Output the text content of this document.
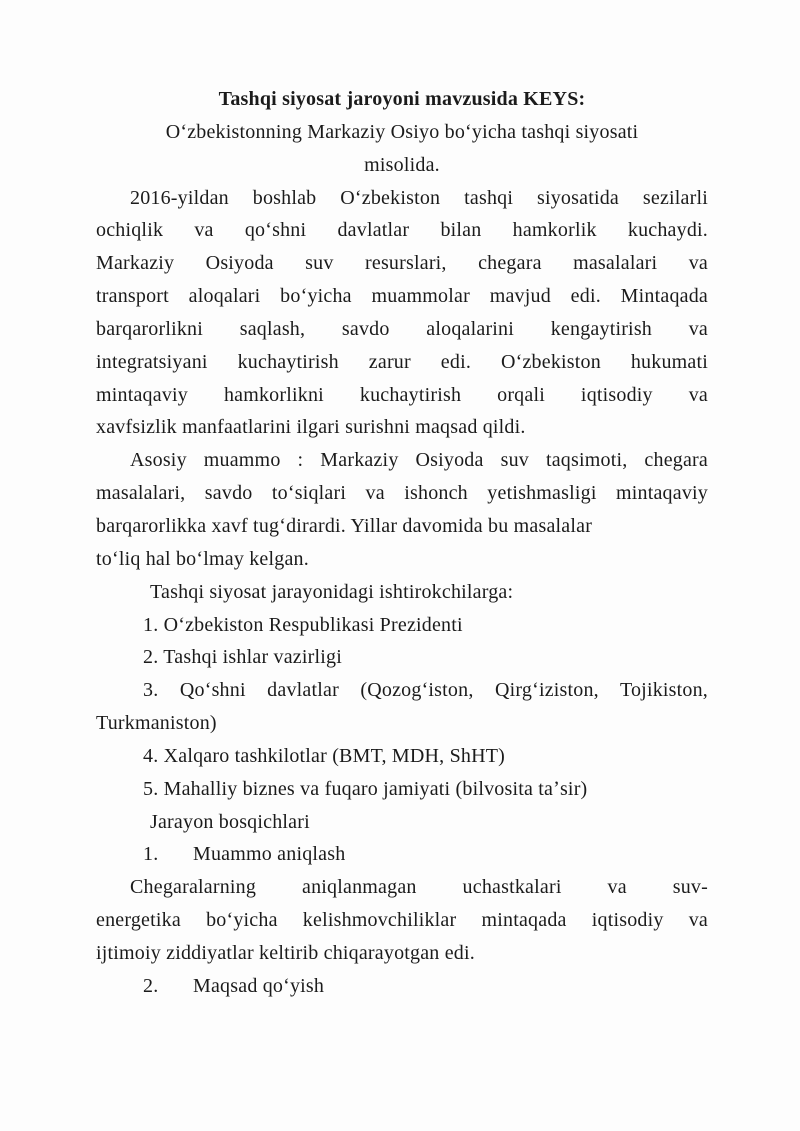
Tashqi siyosat jaroyoni mavzusida KEYS:
Oʻzbekistonning Markaziy Osiyo boʻyicha tashqi siyosati
misolida.
2016-yildan boshlab Oʻzbekiston tashqi siyosatida sezilarli
ochiqlik va qoʻshni davlatlar bilan hamkorlik kuchaydi.
Markaziy Osiyoda suv resurslari, chegara masalalari va
transport aloqalari boʻyicha muammolar mavjud edi. Mintaqada
barqarorlikni saqlash, savdo aloqalarini kengaytirish va
integratsiyani kuchaytirish zarur edi. Oʻzbekiston hukumati
mintaqaviy hamkorlikni kuchaytirish orqali iqtisodiy va
xavfsizlik manfaatlarini ilgari surishni maqsad qildi.
Asosiy muammo : Markaziy Osiyoda suv taqsimoti, chegara
masalalari, savdo toʻsiqlari va ishonch yetishmasligi mintaqaviy
barqarorlikka xavf tugʻdirardi. Yillar davomida bu masalalar
toʻliq hal boʻlmay kelgan.
Tashqi siyosat jarayonidagi ishtirokchilarga:
1. Oʻzbekiston Respublikasi Prezidenti
2. Tashqi ishlar vazirligi
3. Qoʻshni davlatlar (Qozogʻiston, Qirgʻiziston, Tojikiston,
Turkmaniston)
4. Xalqaro tashkilotlar (BMT, MDH, ShHT)
5. Mahalliy biznes va fuqaro jamiyati (bilvosita taʼsir)
Jarayon bosqichlari
1. Muammo aniqlash
Chegaralarning aniqlanmagan uchastkalari va suv-
energetika boʻyicha kelishmovchiliklar mintaqada iqtisodiy va
ijtimoiy ziddiyatlar keltirib chiqarayotgan edi.
2. Maqsad qoʻyish
